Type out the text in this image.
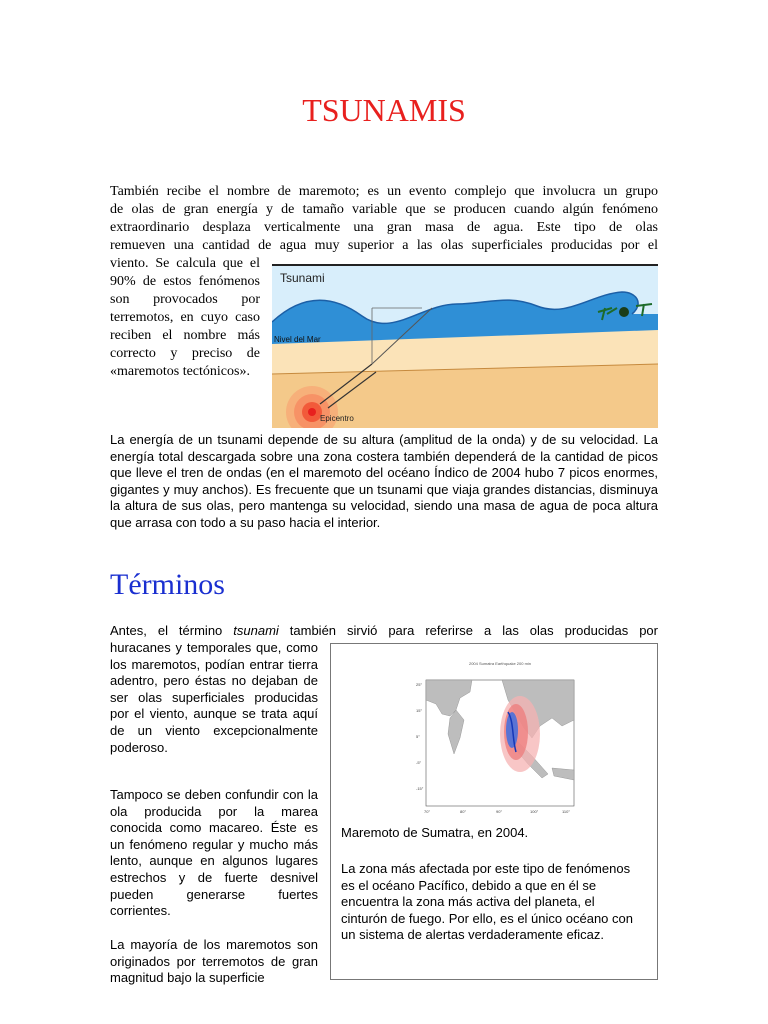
TSUNAMIS

También recibe el nombre de maremoto; es un evento complejo que involucra un grupo

de olas de gran energía y de tamaño variable que se producen cuando algún fenómeno

extraordinario desplaza verticalmente una gran masa de agua. Este tipo de olas

remueven una cantidad de agua muy superior a las olas superficiales producidas por el

viento. Se calcula que el 90% de estos fenómenos son provocados por terremotos, en cuyo caso reciben el nombre más correcto y preciso de «maremotos tectónicos».

Tsunami
Nivel del Mar
Epicentro

La energía de un tsunami depende de su altura (amplitud de la onda) y de su velocidad. La energía total descargada sobre una zona costera también dependerá de la cantidad de picos que lleve el tren de ondas (en el maremoto del océano Índico de 2004 hubo 7 picos enormes, gigantes y muy anchos). Es frecuente que un tsunami que viaja grandes distancias, disminuya la altura de sus olas, pero mantenga su velocidad, siendo una masa de agua de poca altura que arrasa con todo a su paso hacia el interior.

Términos

Antes, el término tsunami también sirvió para referirse a las olas producidas por

huracanes y temporales que, como los maremotos, podían entrar tierra adentro, pero éstas no dejaban de ser olas superficiales producidas por el viento, aunque se trata aquí de un viento excepcionalmente poderoso.

Tampoco se deben confundir con la ola producida por la marea conocida como macareo. Éste es un fenómeno regular y mucho más lento, aunque en algunos lugares estrechos y de fuerte desnivel pueden generarse fuertes corrientes.

La mayoría de los maremotos son originados por terremotos de gran magnitud bajo la superficie

2004 Sumatra Earthquake 200 min
25°
15°
5°
-5°
-15°
70°	80°	90°	100°	110°

Maremoto de Sumatra, en 2004.

La zona más afectada por este tipo de fenómenos es el océano Pacífico, debido a que en él se encuentra la zona más activa del planeta, el cinturón de fuego. Por ello, es el único océano con un sistema de alertas verdaderamente eficaz.
